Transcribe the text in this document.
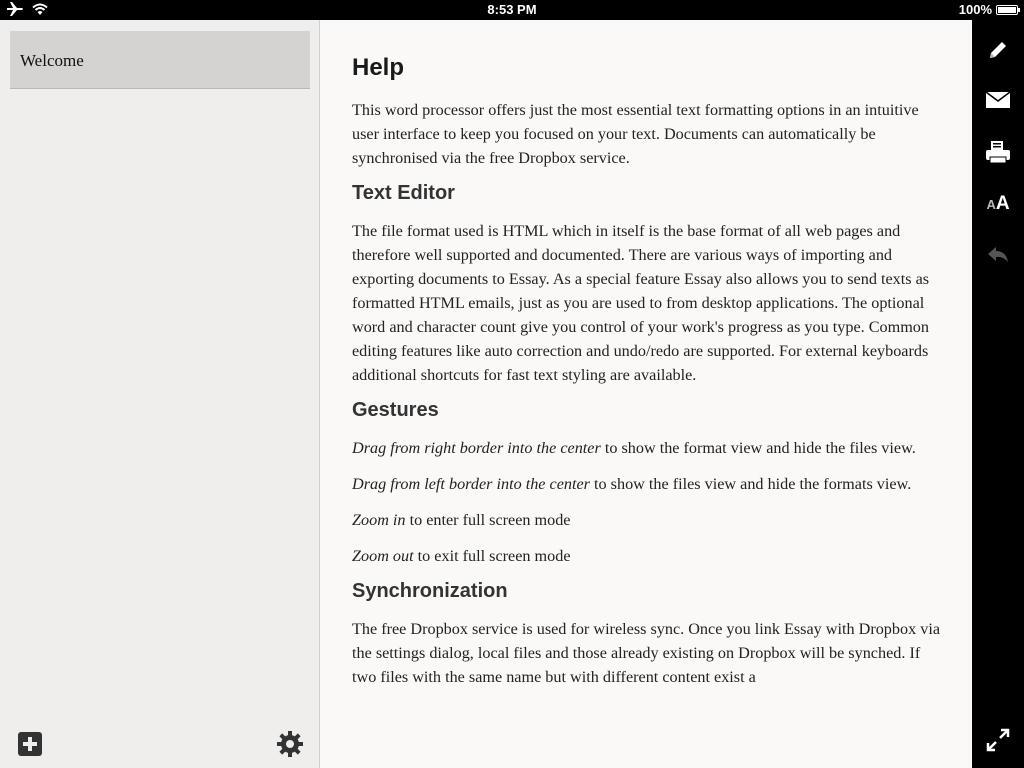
8:53 PM	100%
Welcome	Help

This word processor offers just the most essential text formatting options in an intuitive user interface to keep you focused on your text. Documents can automatically be synchronised via the free Dropbox service.

Text Editor

The file format used is HTML which in itself is the base format of all web pages and therefore well supported and documented. There are various ways of importing and exporting documents to Essay. As a special feature Essay also allows you to send texts as formatted HTML emails, just as you are used to from desktop applications. The optional word and character count give you control of your work's progress as you type. Common editing features like auto correction and undo/redo are supported. For external keyboards additional shortcuts for fast text styling are available.

Gestures

Drag from right border into the center to show the format view and hide the files view.

Drag from left border into the center to show the files view and hide the formats view.

Zoom in to enter full screen mode

Zoom out to exit full screen mode

Synchronization

The free Dropbox service is used for wireless sync. Once you link Essay with Dropbox via the settings dialog, local files and those already existing on Dropbox will be synched. If two files with the same name but with different content exist a

A A
